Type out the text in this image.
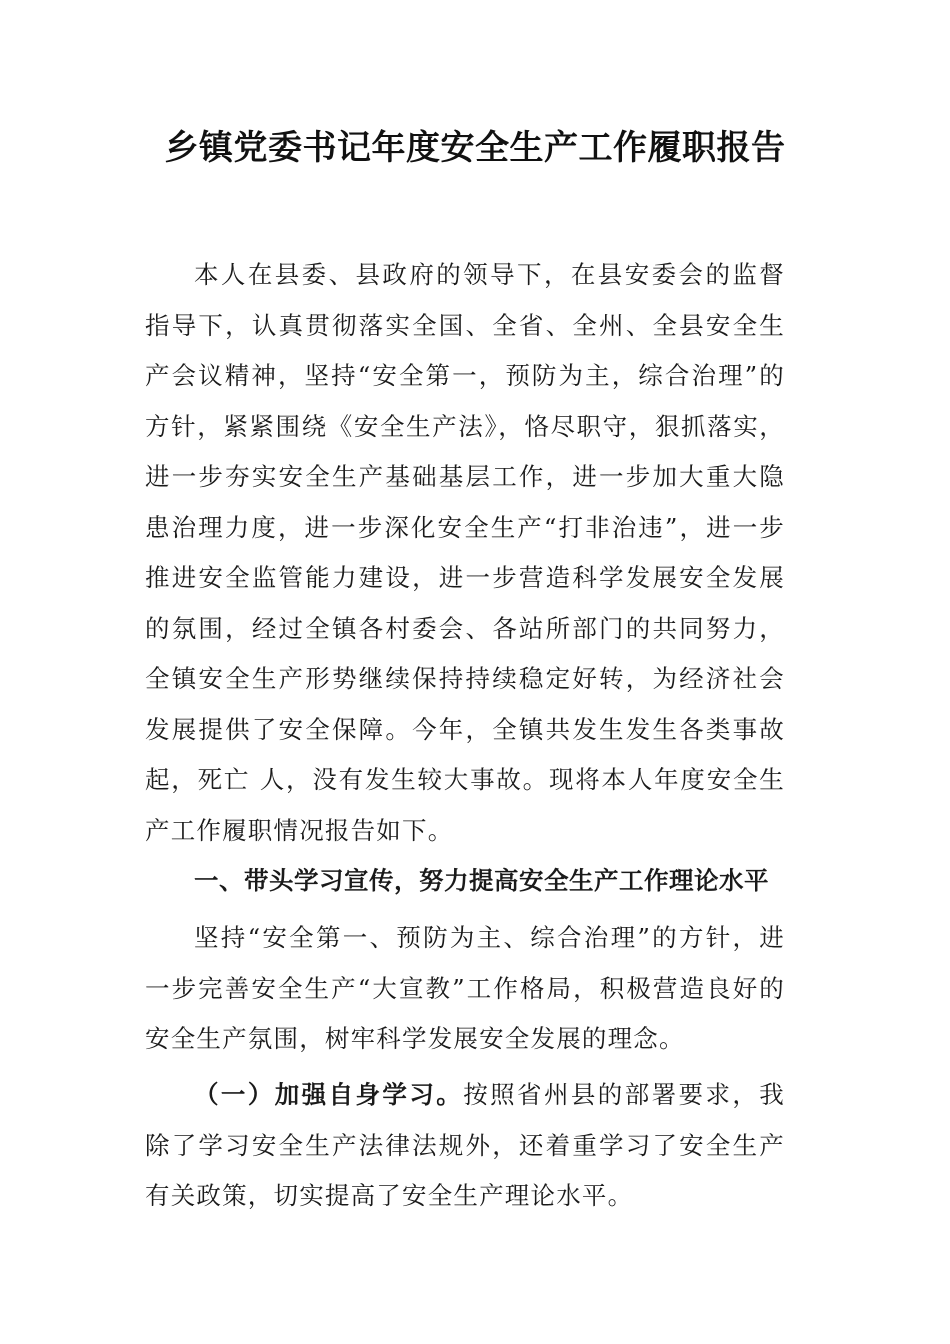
乡镇党委书记年度安全生产工作履职报告

本人在县委、县政府的领导下，在县安委会的监督指导下，认真贯彻落实全国、全省、全州、全县安全生产会议精神，坚持“安全第一，预防为主，综合治理”的方针，紧紧围绕《安全生产法》，恪尽职守，狠抓落实，进一步夯实安全生产基础基层工作，进一步加大重大隐患治理力度，进一步深化安全生产“打非治违”，进一步推进安全监管能力建设，进一步营造科学发展安全发展的氛围，经过全镇各村委会、各站所部门的共同努力，全镇安全生产形势继续保持持续稳定好转，为经济社会发展提供了安全保障。今年，全镇共发生发生各类事故 起，死亡 人，没有发生较大事故。现将本人年度安全生产工作履职情况报告如下。

一、带头学习宣传，努力提高安全生产工作理论水平

坚持“安全第一、预防为主、综合治理”的方针，进一步完善安全生产“大宣教”工作格局，积极营造良好的安全生产氛围，树牢科学发展安全发展的理念。

（一）加强自身学习。按照省州县的部署要求，我除了学习安全生产法律法规外，还着重学习了安全生产有关政策，切实提高了安全生产理论水平。
